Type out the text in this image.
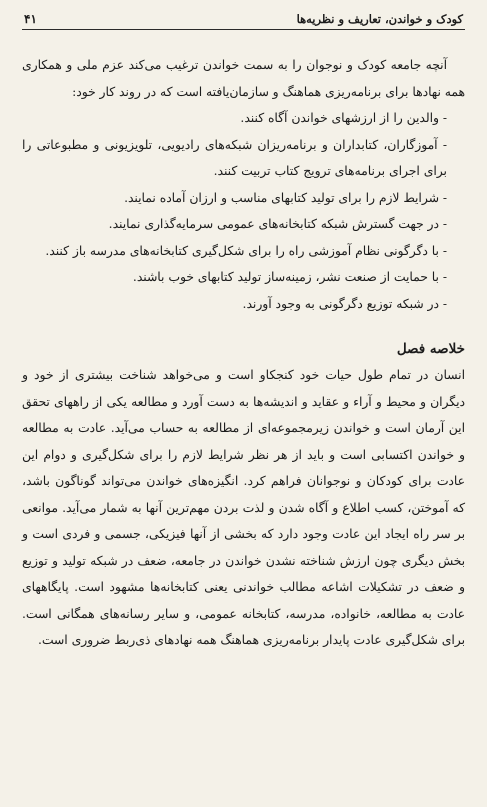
کودک و خواندن، تعاریف و نظریه‌ها
۴۱

آنچه جامعه کودک و نوجوان را به سمت خواندن ترغیب می‌کند عزم ملی و همکاری همه نهادها برای برنامه‌ریزی هماهنگ و سازمان‌یافته است که در روند کار خود:

- والدین را از ارزشهای خواندن آگاه کنند.

- آموزگاران، کتابداران و برنامه‌ریزان شبکه‌های رادیویی، تلویزیونی و مطبوعاتی را برای اجرای برنامه‌های ترویج کتاب تربیت کنند.

- شرایط لازم را برای تولید کتابهای مناسب و ارزان آماده نمایند.

- در جهت گسترش شبکه کتابخانه‌های عمومی سرمایه‌گذاری نمایند.

- با دگرگونی نظام آموزشی راه را برای شکل‌گیری کتابخانه‌های مدرسه باز کنند.

- با حمایت از صنعت نشر، زمینه‌ساز تولید کتابهای خوب باشند.

- در شبکه توزیع دگرگونی به وجود آورند.

خلاصه فصل

انسان در تمام طول حیات خود کنجکاو است و می‌خواهد شناخت بیشتری از خود و دیگران و محیط و آراء و عقاید و اندیشه‌ها به دست آورد و مطالعه یکی از راههای تحقق این آرمان است و خواندن زیرمجموعه‌ای از مطالعه به حساب می‌آید. عادت به مطالعه و خواندن اکتسابی است و باید از هر نظر شرایط لازم را برای شکل‌گیری و دوام این عادت برای کودکان و نوجوانان فراهم کرد. انگیزه‌های خواندن می‌تواند گوناگون باشد، که آموختن، کسب اطلاع و آگاه شدن و لذت بردن مهم‌ترین آنها به شمار می‌آید. موانعی بر سر راه ایجاد این عادت وجود دارد که بخشی از آنها فیزیکی، جسمی و فردی است و بخش دیگری چون ارزش شناخته نشدن خواندن در جامعه، ضعف در شبکه تولید و توزیع و ضعف در تشکیلات اشاعه مطالب خواندنی یعنی کتابخانه‌ها مشهود است. پایگاههای عادت به مطالعه، خانواده، مدرسه، کتابخانه عمومی، و سایر رسانه‌های همگانی است. برای شکل‌گیری عادت پایدار برنامه‌ریزی هماهنگ همه نهادهای ذی‌ربط ضروری است.
